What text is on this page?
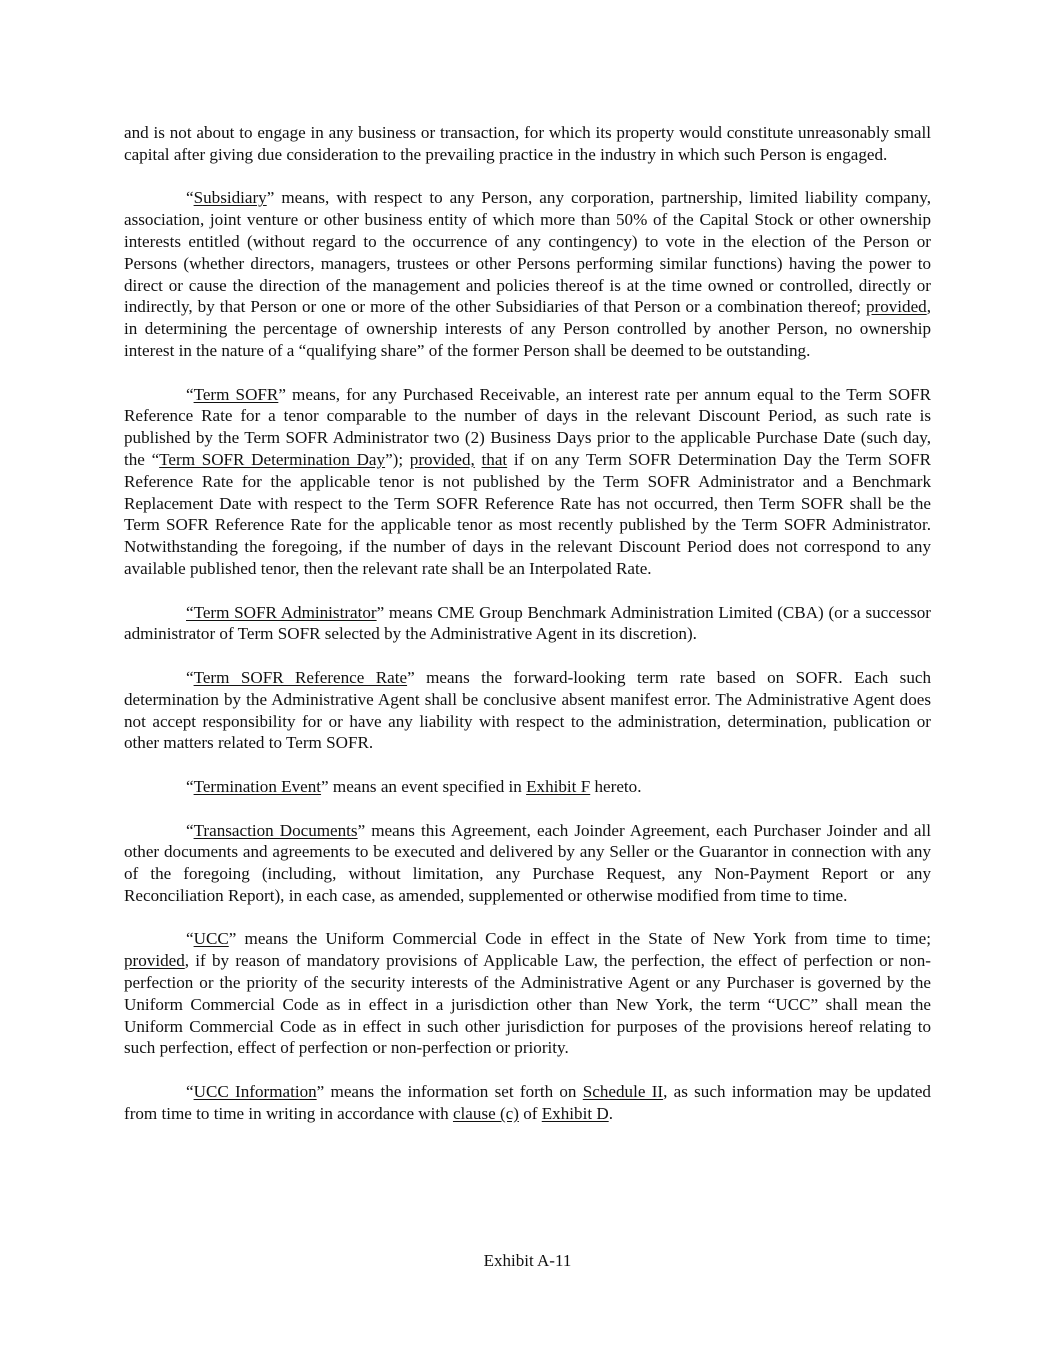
and is not about to engage in any business or transaction, for which its property would constitute unreasonably small capital after giving due consideration to the prevailing practice in the industry in which such Person is engaged.

“Subsidiary” means, with respect to any Person, any corporation, partnership, limited liability company, association, joint venture or other business entity of which more than 50% of the Capital Stock or other ownership interests entitled (without regard to the occurrence of any contingency) to vote in the election of the Person or Persons (whether directors, managers, trustees or other Persons performing similar functions) having the power to direct or cause the direction of the management and policies thereof is at the time owned or controlled, directly or indirectly, by that Person or one or more of the other Subsidiaries of that Person or a combination thereof; provided, in determining the percentage of ownership interests of any Person controlled by another Person, no ownership interest in the nature of a “qualifying share” of the former Person shall be deemed to be outstanding.

“Term SOFR” means, for any Purchased Receivable, an interest rate per annum equal to the Term SOFR Reference Rate for a tenor comparable to the number of days in the relevant Discount Period, as such rate is published by the Term SOFR Administrator two (2) Business Days prior to the applicable Purchase Date (such day, the “Term SOFR Determination Day”); provided, that if on any Term SOFR Determination Day the Term SOFR Reference Rate for the applicable tenor is not published by the Term SOFR Administrator and a Benchmark Replacement Date with respect to the Term SOFR Reference Rate has not occurred, then Term SOFR shall be the Term SOFR Reference Rate for the applicable tenor as most recently published by the Term SOFR Administrator. Notwithstanding the foregoing, if the number of days in the relevant Discount Period does not correspond to any available published tenor, then the relevant rate shall be an Interpolated Rate.

“Term SOFR Administrator” means CME Group Benchmark Administration Limited (CBA) (or a successor administrator of Term SOFR selected by the Administrative Agent in its discretion).

“Term SOFR Reference Rate” means the forward-looking term rate based on SOFR. Each such determination by the Administrative Agent shall be conclusive absent manifest error. The Administrative Agent does not accept responsibility for or have any liability with respect to the administration, determination, publication or other matters related to Term SOFR.

“Termination Event” means an event specified in Exhibit F hereto.

“Transaction Documents” means this Agreement, each Joinder Agreement, each Purchaser Joinder and all other documents and agreements to be executed and delivered by any Seller or the Guarantor in connection with any of the foregoing (including, without limitation, any Purchase Request, any Non-Payment Report or any Reconciliation Report), in each case, as amended, supplemented or otherwise modified from time to time.

“UCC” means the Uniform Commercial Code in effect in the State of New York from time to time; provided, if by reason of mandatory provisions of Applicable Law, the perfection, the effect of perfection or non-perfection or the priority of the security interests of the Administrative Agent or any Purchaser is governed by the Uniform Commercial Code as in effect in a jurisdiction other than New York, the term “UCC” shall mean the Uniform Commercial Code as in effect in such other jurisdiction for purposes of the provisions hereof relating to such perfection, effect of perfection or non-perfection or priority.

“UCC Information” means the information set forth on Schedule II, as such information may be updated from time to time in writing in accordance with clause (c) of Exhibit D.

Exhibit A-11
